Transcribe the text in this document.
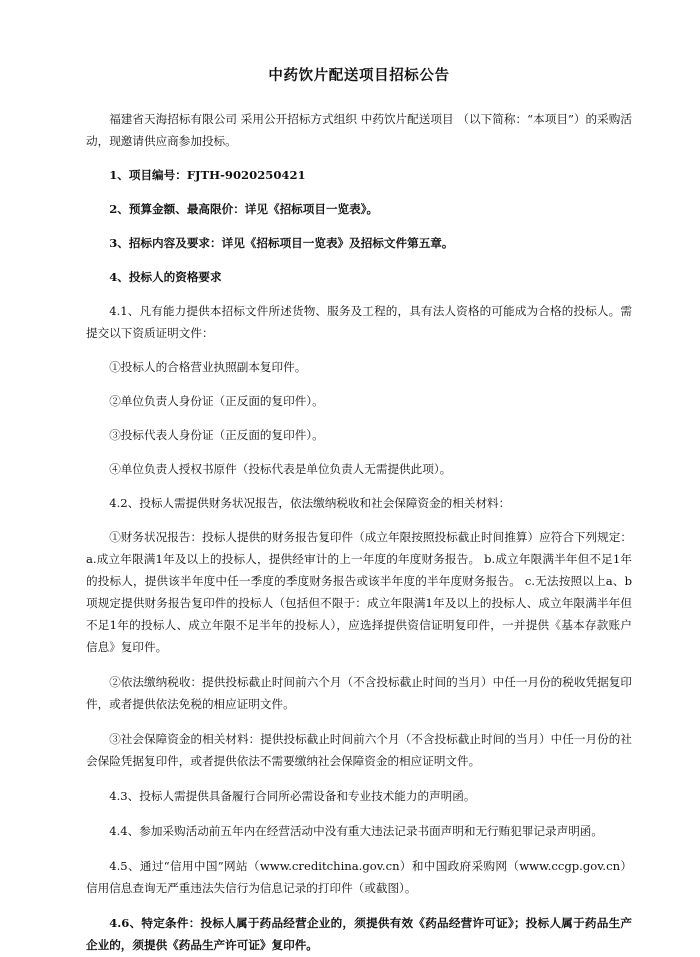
中药饮片配送项目招标公告

福建省天海招标有限公司 采用公开招标方式组织 中药饮片配送项目 （以下简称：“本项目”）的采购活动，现邀请供应商参加投标。

1、项目编号：FJTH-9020250421

2、预算金额、最高限价：详见《招标项目一览表》。

3、招标内容及要求：详见《招标项目一览表》及招标文件第五章。

4、投标人的资格要求

4.1、凡有能力提供本招标文件所述货物、服务及工程的，具有法人资格的可能成为合格的投标人。需提交以下资质证明文件：

①投标人的合格营业执照副本复印件。

②单位负责人身份证（正反面的复印件）。

③投标代表人身份证（正反面的复印件）。

④单位负责人授权书原件（投标代表是单位负责人无需提供此项）。

4.2、投标人需提供财务状况报告，依法缴纳税收和社会保障资金的相关材料：

①财务状况报告：投标人提供的财务报告复印件（成立年限按照投标截止时间推算）应符合下列规定：a.成立年限满1年及以上的投标人，提供经审计的上一年度的年度财务报告。 b.成立年限满半年但不足1年的投标人，提供该半年度中任一季度的季度财务报告或该半年度的半年度财务报告。 c.无法按照以上a、b项规定提供财务报告复印件的投标人（包括但不限于：成立年限满1年及以上的投标人、成立年限满半年但不足1年的投标人、成立年限不足半年的投标人），应选择提供资信证明复印件，一并提供《基本存款账户信息》复印件。

②依法缴纳税收：提供投标截止时间前六个月（不含投标截止时间的当月）中任一月份的税收凭据复印件，或者提供依法免税的相应证明文件。

③社会保障资金的相关材料：提供投标截止时间前六个月（不含投标截止时间的当月）中任一月份的社会保险凭据复印件，或者提供依法不需要缴纳社会保障资金的相应证明文件。

4.3、投标人需提供具备履行合同所必需设备和专业技术能力的声明函。

4.4、参加采购活动前五年内在经营活动中没有重大违法记录书面声明和无行贿犯罪记录声明函。

4.5、通过“信用中国”网站（www.creditchina.gov.cn）和中国政府采购网（www.ccgp.gov.cn）信用信息查询无严重违法失信行为信息记录的打印件（或截图）。

4.6、特定条件：投标人属于药品经营企业的，须提供有效《药品经营许可证》；投标人属于药品生产企业的，须提供《药品生产许可证》复印件。
